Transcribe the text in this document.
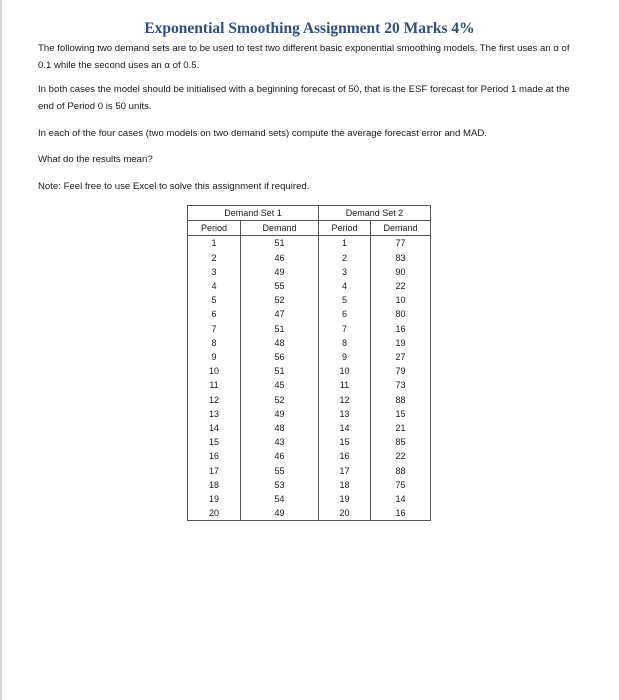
Exponential Smoothing Assignment 20 Marks 4%

The following two demand sets are to be used to test two different basic exponential smoothing models. The first uses an α of 0.1 while the second uses an α of 0.5.

In both cases the model should be initialised with a beginning forecast of 50, that is the ESF forecast for Period 1 made at the end of Period 0 is 50 units.

In each of the four cases (two models on two demand sets) compute the average forecast error and MAD.

What do the results mean?

Note: Feel free to use Excel to solve this assignment if required.

Demand Set 1		Demand Set 2	
Period	Demand	Period	Demand
1	51	1	77
2	46	2	83
3	49	3	90
4	55	4	22
5	52	5	10
6	47	6	80
7	51	7	16
8	48	8	19
9	56	9	27
10	51	10	79
11	45	11	73
12	52	12	88
13	49	13	15
14	48	14	21
15	43	15	85
16	46	16	22
17	55	17	88
18	53	18	75
19	54	19	14
20	49	20	16
